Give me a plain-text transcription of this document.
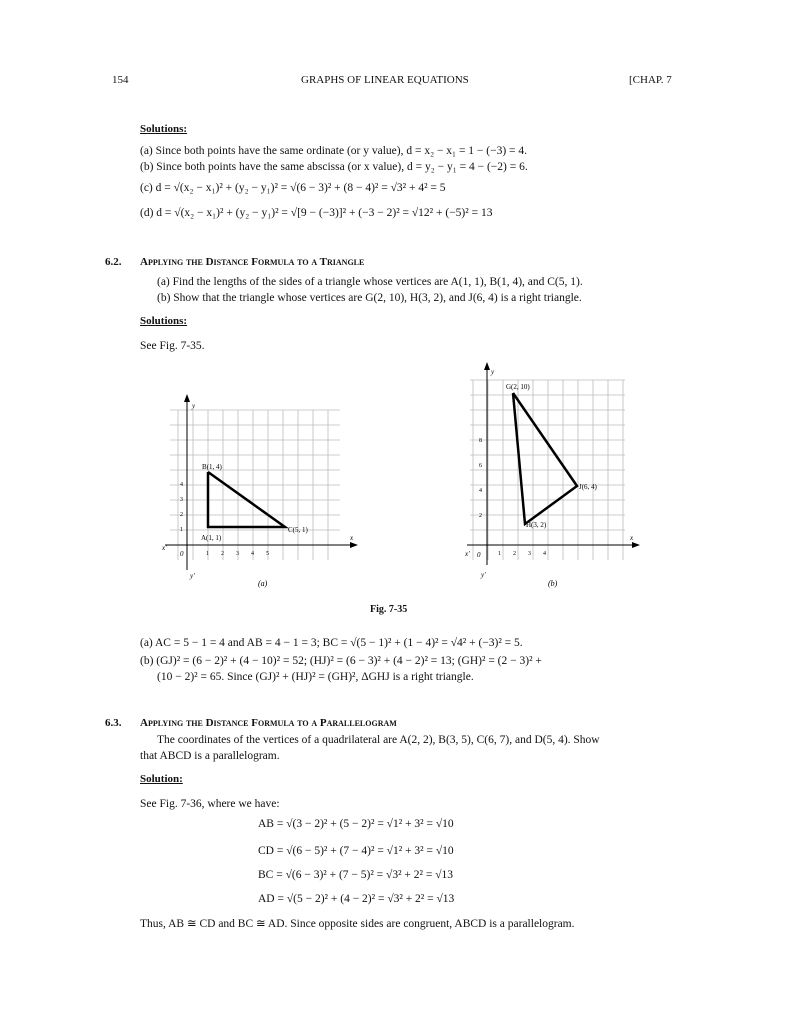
154	GRAPHS OF LINEAR EQUATIONS	[CHAP. 7
Solutions:
(a) Since both points have the same ordinate (or y value), d = x₂ − x₁ = 1 − (−3) = 4.
(b) Since both points have the same abscissa (or x value), d = y₂ − y₁ = 4 − (−2) = 6.
(c) d = √(x₂ − x₁)² + (y₂ − y₁)² = √(6 − 3)² + (8 − 4)² = √3² + 4² = 5
(d) d = √(x₂ − x₁)² + (y₂ − y₁)² = √[9 − (−3)]² + (−3 − 2)² = √12² + (−5)² = 13
6.2. Applying the Distance Formula to a Triangle
(a) Find the lengths of the sides of a triangle whose vertices are A(1, 1), B(1, 4), and C(5, 1).
(b) Show that the triangle whose vertices are G(2, 10), H(3, 2), and J(6, 4) is a right triangle.
Solutions:
See Fig. 7-35.
y
x
x′
y′
0	1 2 3 4 5
1
2
3
4
B(1, 4)
A(1, 1)
C(5, 1)
(a)
y
x
x′
y′
0	1 2 3 4
2
4
6
8
G(2, 10)
J(6, 4)
H(3, 2)
(b)
Fig. 7-35
(a) AC = 5 − 1 = 4 and AB = 4 − 1 = 3; BC = √(5 − 1)² + (1 − 4)² = √4² + (−3)² = 5.
(b) (GJ)² = (6 − 2)² + (4 − 10)² = 52; (HJ)² = (6 − 3)² + (4 − 2)² = 13; (GH)² = (2 − 3)² +
(10 − 2)² = 65. Since (GJ)² + (HJ)² = (GH)², ΔGHJ is a right triangle.
6.3. Applying the Distance Formula to a Parallelogram
The coordinates of the vertices of a quadrilateral are A(2, 2), B(3, 5), C(6, 7), and D(5, 4). Show
that ABCD is a parallelogram.
Solution:
See Fig. 7-36, where we have:
AB = √(3 − 2)² + (5 − 2)² = √1² + 3² = √10
CD = √(6 − 5)² + (7 − 4)² = √1² + 3² = √10
BC = √(6 − 3)² + (7 − 5)² = √3² + 2² = √13
AD = √(5 − 2)² + (4 − 2)² = √3² + 2² = √13
Thus, AB ≅ CD and BC ≅ AD. Since opposite sides are congruent, ABCD is a parallelogram.
